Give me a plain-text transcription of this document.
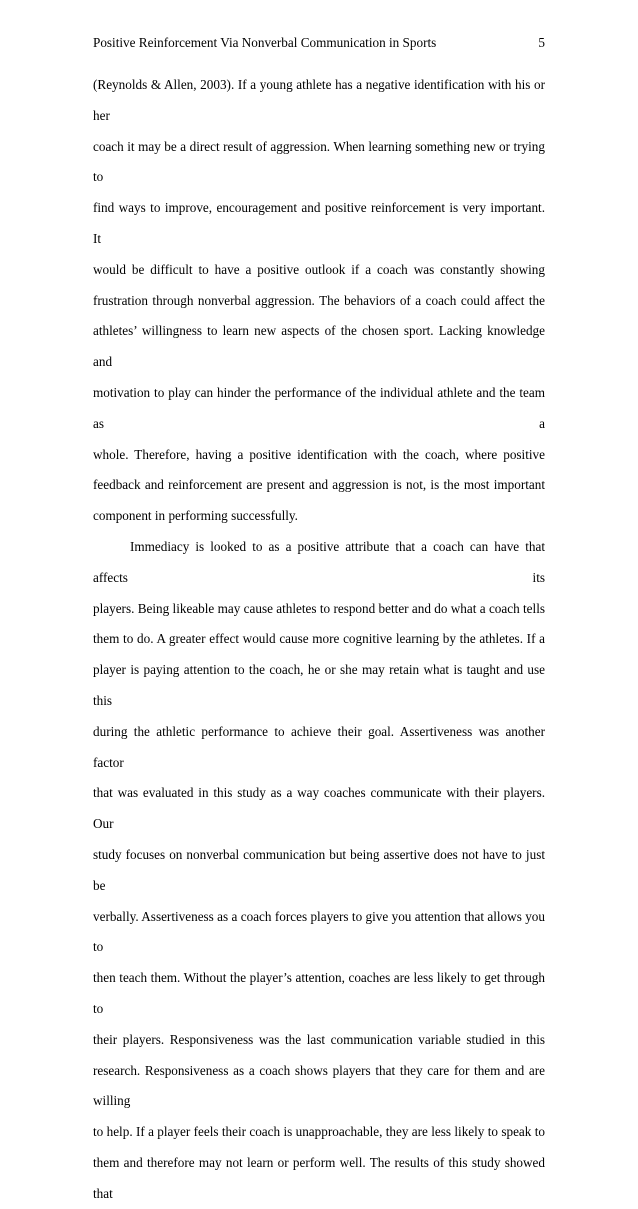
Positive Reinforcement Via Nonverbal Communication in Sports	5

(Reynolds & Allen, 2003). If a young athlete has a negative identification with his or her

coach it may be a direct result of aggression. When learning something new or trying to

find ways to improve, encouragement and positive reinforcement is very important. It

would be difficult to have a positive outlook if a coach was constantly showing

frustration through nonverbal aggression. The behaviors of a coach could affect the

athletes’ willingness to learn new aspects of the chosen sport. Lacking knowledge and

motivation to play can hinder the performance of the individual athlete and the team as a

whole. Therefore, having a positive identification with the coach, where positive

feedback and reinforcement are present and aggression is not, is the most important

component in performing successfully.

Immediacy is looked to as a positive attribute that a coach can have that affects its

players. Being likeable may cause athletes to respond better and do what a coach tells

them to do. A greater effect would cause more cognitive learning by the athletes. If a

player is paying attention to the coach, he or she may retain what is taught and use this

during the athletic performance to achieve their goal. Assertiveness was another factor

that was evaluated in this study as a way coaches communicate with their players. Our

study focuses on nonverbal communication but being assertive does not have to just be

verbally. Assertiveness as a coach forces players to give you attention that allows you to

then teach them. Without the player’s attention, coaches are less likely to get through to

their players. Responsiveness was the last communication variable studied in this

research. Responsiveness as a coach shows players that they care for them and are willing

to help. If a player feels their coach is unapproachable, they are less likely to speak to

them and therefore may not learn or perform well. The results of this study showed that
